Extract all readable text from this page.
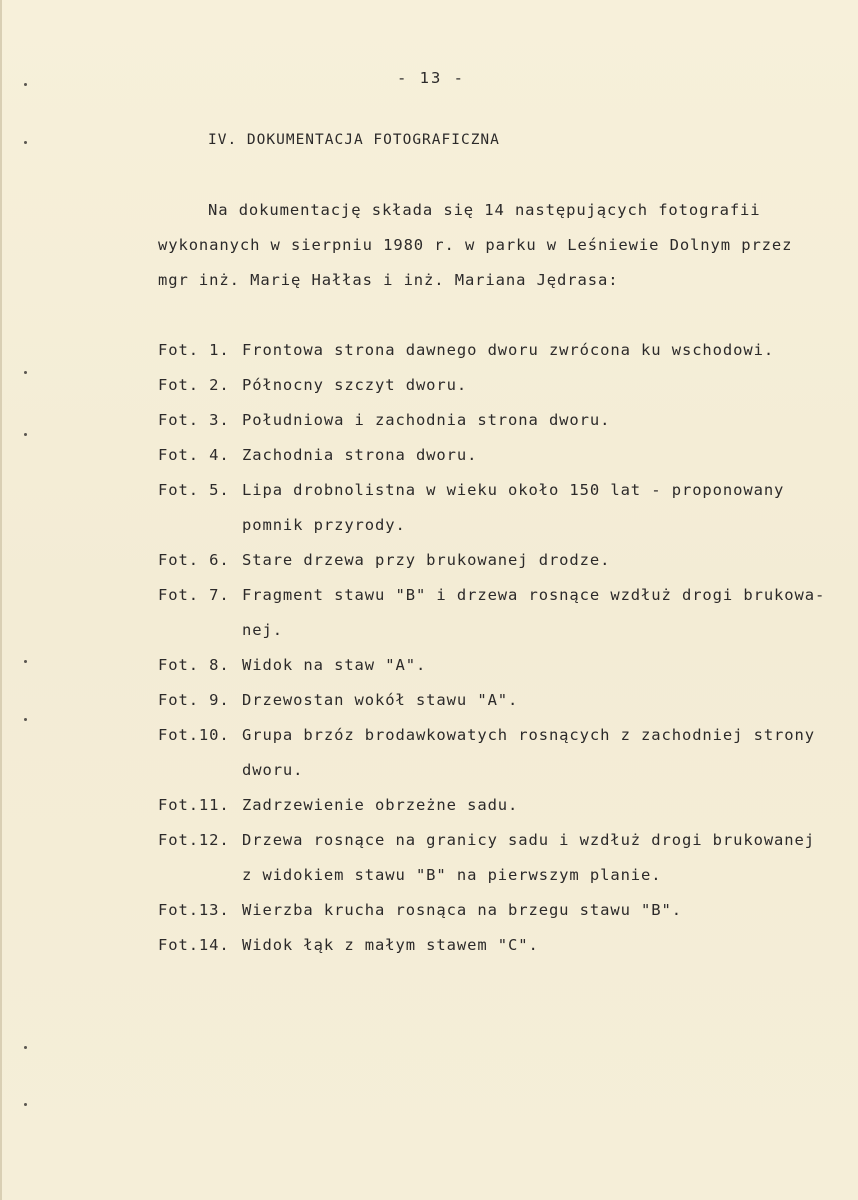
- 13 -
IV. DOKUMENTACJA FOTOGRAFICZNA
Na dokumentację składa się 14 następujących fotografii
wykonanych w sierpniu 1980 r. w parku w Leśniewie Dolnym przez
mgr inż. Marię Hałłas i inż. Mariana Jędrasa:
Fot. 1. Frontowa strona dawnego dworu zwrócona ku wschodowi.
Fot. 2. Północny szczyt dworu.
Fot. 3. Południowa i zachodnia strona dworu.
Fot. 4. Zachodnia strona dworu.
Fot. 5. Lipa drobnolistna w wieku około 150 lat - proponowany
pomnik przyrody.
Fot. 6. Stare drzewa przy brukowanej drodze.
Fot. 7. Fragment stawu "B" i drzewa rosnące wzdłuż drogi brukowa-
nej.
Fot. 8. Widok na staw "A".
Fot. 9. Drzewostan wokół stawu "A".
Fot.10. Grupa brzóz brodawkowatych rosnących z zachodniej strony
dworu.
Fot.11. Zadrzewienie obrzeżne sadu.
Fot.12. Drzewa rosnące na granicy sadu i wzdłuż drogi brukowanej
z widokiem stawu "B" na pierwszym planie.
Fot.13. Wierzba krucha rosnąca na brzegu stawu "B".
Fot.14. Widok łąk z małym stawem "C".
